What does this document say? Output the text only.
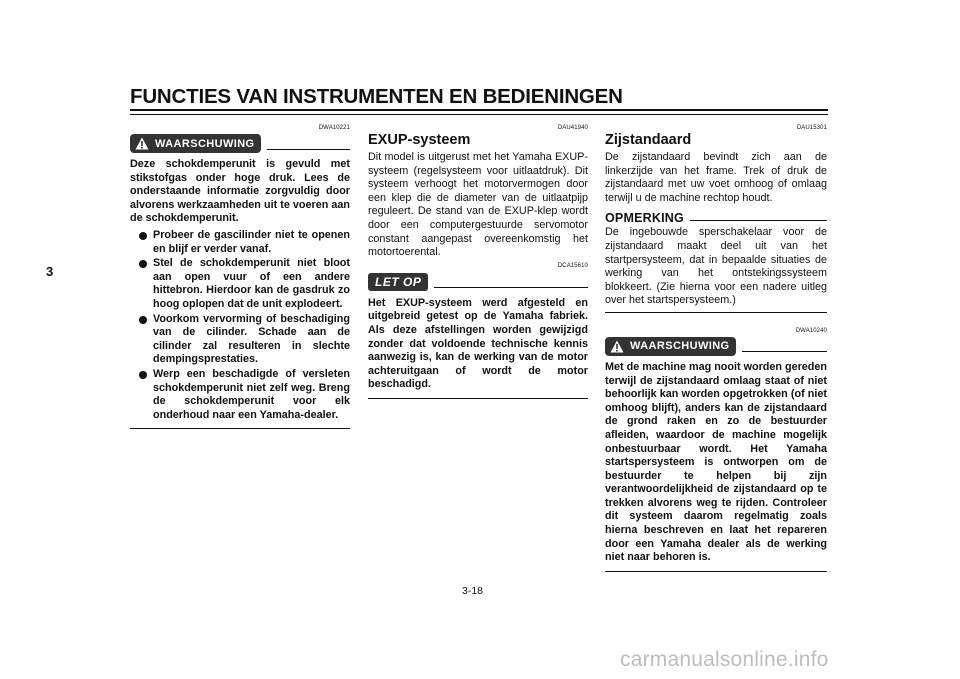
FUNCTIES VAN INSTRUMENTEN EN BEDIENINGEN
3
DWA10221
WAARSCHUWING

Deze schokdemperunit is gevuld met stikstofgas onder hoge druk. Lees de onderstaande informatie zorgvuldig door alvorens werkzaamheden uit te voeren aan de schokdemperunit.

Probeer de gascilinder niet te openen en blijf er verder vanaf.
Stel de schokdemperunit niet bloot aan open vuur of een andere hittebron. Hierdoor kan de gasdruk zo hoog oplopen dat de unit explodeert.
Voorkom vervorming of beschadiging van de cilinder. Schade aan de cilinder zal resulteren in slechte dempingsprestaties.
Werp een beschadigde of versleten schokdemperunit niet zelf weg. Breng de schokdemperunit voor elk onderhoud naar een Yamaha-dealer.
DAU41940
EXUP-systeem

Dit model is uitgerust met het Yamaha EXUP-systeem (regelsysteem voor uitlaatdruk). Dit systeem verhoogt het motorvermogen door een klep die de diameter van de uitlaatpijp reguleert. De stand van de EXUP-klep wordt door een computergestuurde servomotor constant aangepast overeenkomstig het motortoerental.

DCA15610
LET OP

Het EXUP-systeem werd afgesteld en uitgebreid getest op de Yamaha fabriek. Als deze afstellingen worden gewijzigd zonder dat voldoende technische kennis aanwezig is, kan de werking van de motor achteruitgaan of wordt de motor beschadigd.

DAU15301
Zijstandaard

De zijstandaard bevindt zich aan de linkerzijde van het frame. Trek of druk de zijstandaard met uw voet omhoog of omlaag terwijl u de machine rechtop houdt.

OPMERKING

De ingebouwde sperschakelaar voor de zijstandaard maakt deel uit van het startpersysteem, dat in bepaalde situaties de werking van het ontstekingssysteem blokkeert. (Zie hierna voor een nadere uitleg over het startspersysteem.)

DWA10240
WAARSCHUWING

Met de machine mag nooit worden gereden terwijl de zijstandaard omlaag staat of niet behoorlijk kan worden opgetrokken (of niet omhoog blijft), anders kan de zijstandaard de grond raken en zo de bestuurder afleiden, waardoor de machine mogelijk onbestuurbaar wordt. Het Yamaha startspersysteem is ontworpen om de bestuurder te helpen bij zijn verantwoordelijkheid de zijstandaard op te trekken alvorens weg te rijden. Controleer dit systeem daarom regelmatig zoals hierna beschreven en laat het repareren door een Yamaha dealer als de werking niet naar behoren is.

3-18
carmanualsonline.info
